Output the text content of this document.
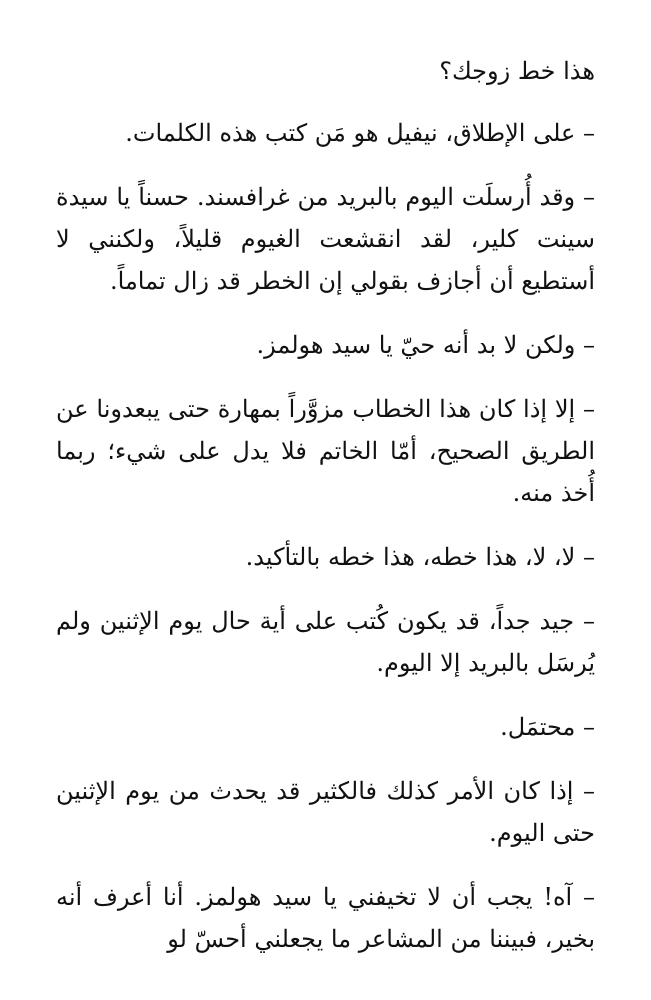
هذا خط زوجك؟

– على الإطلاق، نيفيل هو مَن كتب هذه الكلمات.

– وقد أُرسلَت اليوم بالبريد من غرافسند. حسناً يا سيدة سينت كلير، لقد انقشعت الغيوم قليلاً، ولكنني لا أستطيع أن أجازف بقولي إن الخطر قد زال تماماً.

– ولكن لا بد أنه حيّ يا سيد هولمز.

– إلا إذا كان هذا الخطاب مزوَّراً بمهارة حتى يبعدونا عن الطريق الصحيح، أمّا الخاتم فلا يدل على شيء؛ ربما أُخذ منه.

– لا، لا، هذا خطه، هذا خطه بالتأكيد.

– جيد جداً، قد يكون كُتب على أية حال يوم الإثنين ولم يُرسَل بالبريد إلا اليوم.

– محتمَل.

– إذا كان الأمر كذلك فالكثير قد يحدث من يوم الإثنين حتى اليوم.

– آه! يجب أن لا تخيفني يا سيد هولمز. أنا أعرف أنه بخير، فبيننا من المشاعر ما يجعلني أحسّ لو
